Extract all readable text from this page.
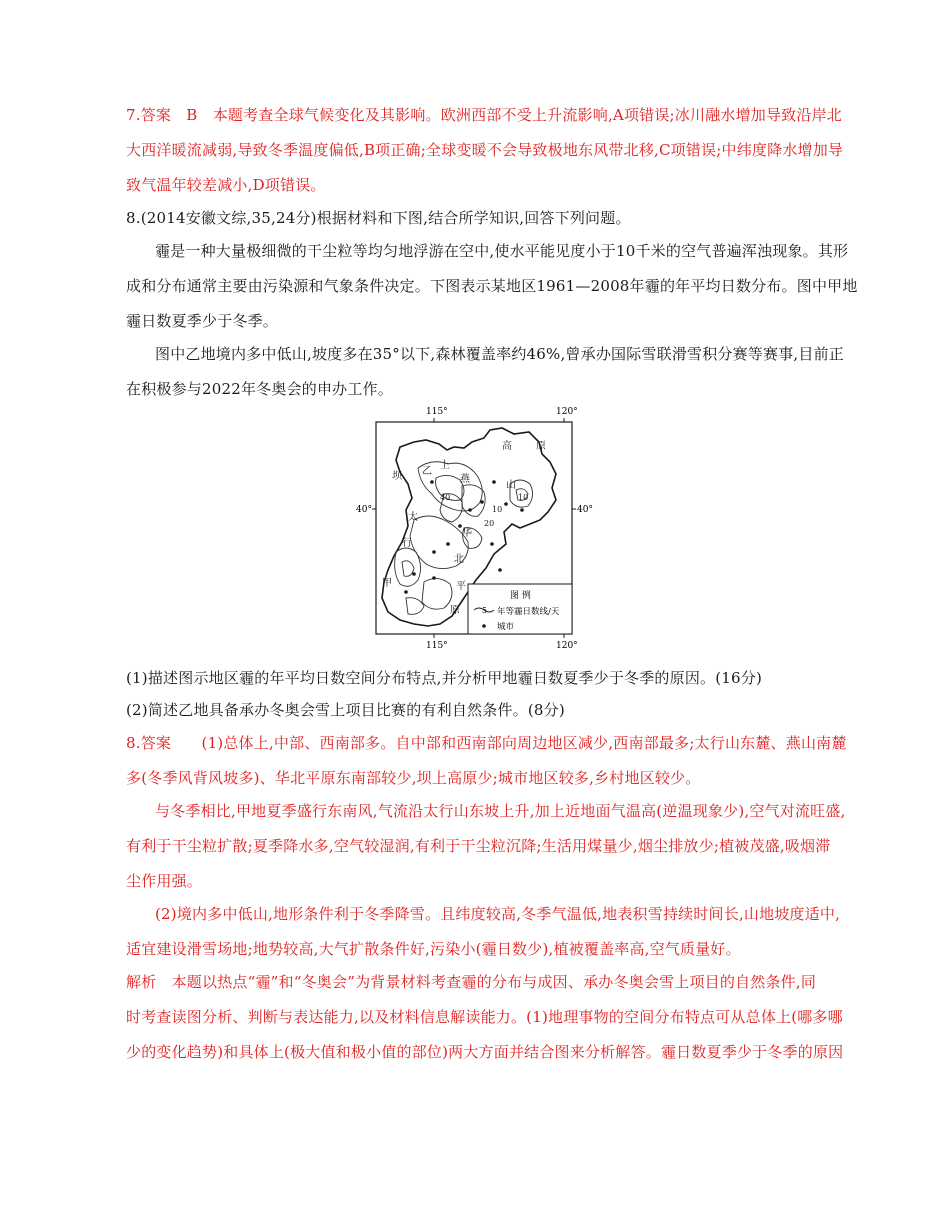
7.答案　B　本题考查全球气候变化及其影响。欧洲西部不受上升流影响,A项错误;冰川融水增加导致沿岸北
大西洋暖流减弱,导致冬季温度偏低,B项正确;全球变暖不会导致极地东风带北移,C项错误;中纬度降水增加导
致气温年较差减小,D项错误。
8.(2014安徽文综,35,24分)根据材料和下图,结合所学知识,回答下列问题。
霾是一种大量极细微的干尘粒等均匀地浮游在空中,使水平能见度小于10千米的空气普遍浑浊现象。其形
成和分布通常主要由污染源和气象条件决定。下图表示某地区1961—2008年霾的年平均日数分布。图中甲地
霾日数夏季少于冬季。
图中乙地境内多中低山,坡度多在35°以下,森林覆盖率约46%,曾承办国际雪联滑雪积分赛等赛事,目前正
在积极参与2022年冬奥会的申办工作。
115°	120°
115°	120°
40°	40°
高 原
坝 乙
上
燕
山
太
行
甲
华
北
平
原
40
20
10
10
图 例
5 年等霾日数线/天
城市
(1)描述图示地区霾的年平均日数空间分布特点,并分析甲地霾日数夏季少于冬季的原因。(16分)
(2)简述乙地具备承办冬奥会雪上项目比赛的有利自然条件。(8分)
8.答案　　(1)总体上,中部、西南部多。自中部和西南部向周边地区减少,西南部最多;太行山东麓、燕山南麓
多(冬季风背风坡多)、华北平原东南部较少,坝上高原少;城市地区较多,乡村地区较少。
与冬季相比,甲地夏季盛行东南风,气流沿太行山东坡上升,加上近地面气温高(逆温现象少),空气对流旺盛,
有利于干尘粒扩散;夏季降水多,空气较湿润,有利于干尘粒沉降;生活用煤量少,烟尘排放少;植被茂盛,吸烟滞
尘作用强。
(2)境内多中低山,地形条件利于冬季降雪。且纬度较高,冬季气温低,地表积雪持续时间长,山地坡度适中,
适宜建设滑雪场地;地势较高,大气扩散条件好,污染小(霾日数少),植被覆盖率高,空气质量好。
解析　本题以热点“霾”和“冬奥会”为背景材料考查霾的分布与成因、承办冬奥会雪上项目的自然条件,同
时考查读图分析、判断与表达能力,以及材料信息解读能力。(1)地理事物的空间分布特点可从总体上(哪多哪
少的变化趋势)和具体上(极大值和极小值的部位)两大方面并结合图来分析解答。霾日数夏季少于冬季的原因
